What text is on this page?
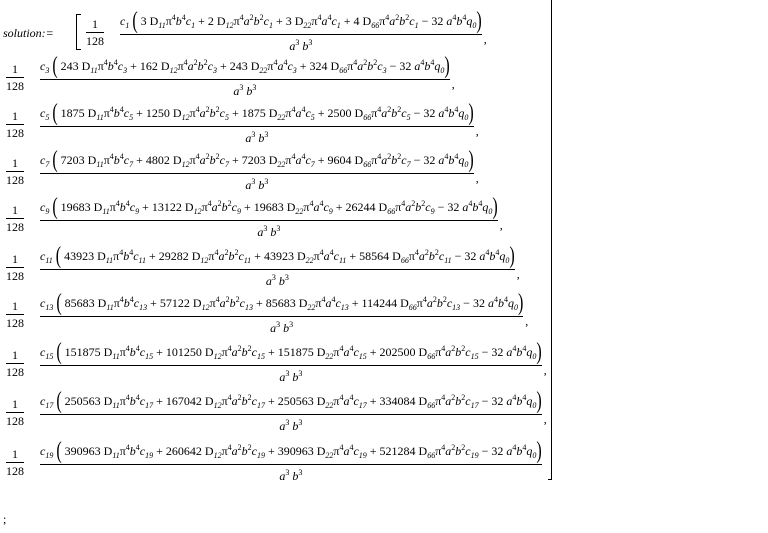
solution:=
1
128
$c_1$ ( 3 $D_{11}\pi^4b^4c_1 + 2$ $D_{12}\pi^4a^2b^2c_1 + 3$ $D_{22}\pi^4a^4c_1 + 4$ $D_{66}\pi^4a^2b^2c_1 - 32$ $a^4b^4q_0$)
$a^3$ $b^3$	,
1
128
$c_3$ ( 243 $D_{11}\pi^4b^4c_3 + 162$ $D_{12}\pi^4a^2b^2c_3 + 243$ $D_{22}\pi^4a^4c_3 + 324$ $D_{66}\pi^4a^2b^2c_3 - 32$ $a^4b^4q_0$)
$a^3$ $b^3$	,
1
128
$c_5$ ( 1875 $D_{11}\pi^4b^4c_5 + 1250$ $D_{12}\pi^4a^2b^2c_5 + 1875$ $D_{22}\pi^4a^4c_5 + 2500$ $D_{66}\pi^4a^2b^2c_5 - 32$ $a^4b^4q_0$)
$a^3$ $b^3$	,
1
128
$c_7$ ( 7203 $D_{11}\pi^4b^4c_7 + 4802$ $D_{12}\pi^4a^2b^2c_7 + 7203$ $D_{22}\pi^4a^4c_7 + 9604$ $D_{66}\pi^4a^2b^2c_7 - 32$ $a^4b^4q_0$)
$a^3$ $b^3$	,
1
128
$c_9$ ( 19683 $D_{11}\pi^4b^4c_9 + 13122$ $D_{12}\pi^4a^2b^2c_9 + 19683$ $D_{22}\pi^4a^4c_9 + 26244$ $D_{66}\pi^4a^2b^2c_9 - 32$ $a^4b^4q_0$)
$a^3$ $b^3$	,
1
128
$c_{11}$ ( 43923 $D_{11}\pi^4b^4c_{11} + 29282$ $D_{12}\pi^4a^2b^2c_{11} + 43923$ $D_{22}\pi^4a^4c_{11} + 58564$ $D_{66}\pi^4a^2b^2c_{11} - 32$ $a^4b^4q_0$)
$a^3$ $b^3$	,
1
128
$c_{13}$ ( 85683 $D_{11}\pi^4b^4c_{13} + 57122$ $D_{12}\pi^4a^2b^2c_{13} + 85683$ $D_{22}\pi^4a^4c_{13} + 114244$ $D_{66}\pi^4a^2b^2c_{13} - 32$ $a^4b^4q_0$)
$a^3$ $b^3$	,
1
128
$c_{15}$ ( 151875 $D_{11}\pi^4b^4c_{15} + 101250$ $D_{12}\pi^4a^2b^2c_{15} + 151875$ $D_{22}\pi^4a^4c_{15} + 202500$ $D_{66}\pi^4a^2b^2c_{15} - 32$ $a^4b^4q_0$)
$a^3$ $b^3$	,
1
128
$c_{17}$ ( 250563 $D_{11}\pi^4b^4c_{17} + 167042$ $D_{12}\pi^4a^2b^2c_{17} + 250563$ $D_{22}\pi^4a^4c_{17} + 334084$ $D_{66}\pi^4a^2b^2c_{17} - 32$ $a^4b^4q_0$)
$a^3$ $b^3$	,
1
128
$c_{19}$ ( 390963 $D_{11}\pi^4b^4c_{19} + 260642$ $D_{12}\pi^4a^2b^2c_{19} + 390963$ $D_{22}\pi^4a^4c_{19} + 521284$ $D_{66}\pi^4a^2b^2c_{19} - 32$ $a^4b^4q_0$)
$a^3$ $b^3$
;
